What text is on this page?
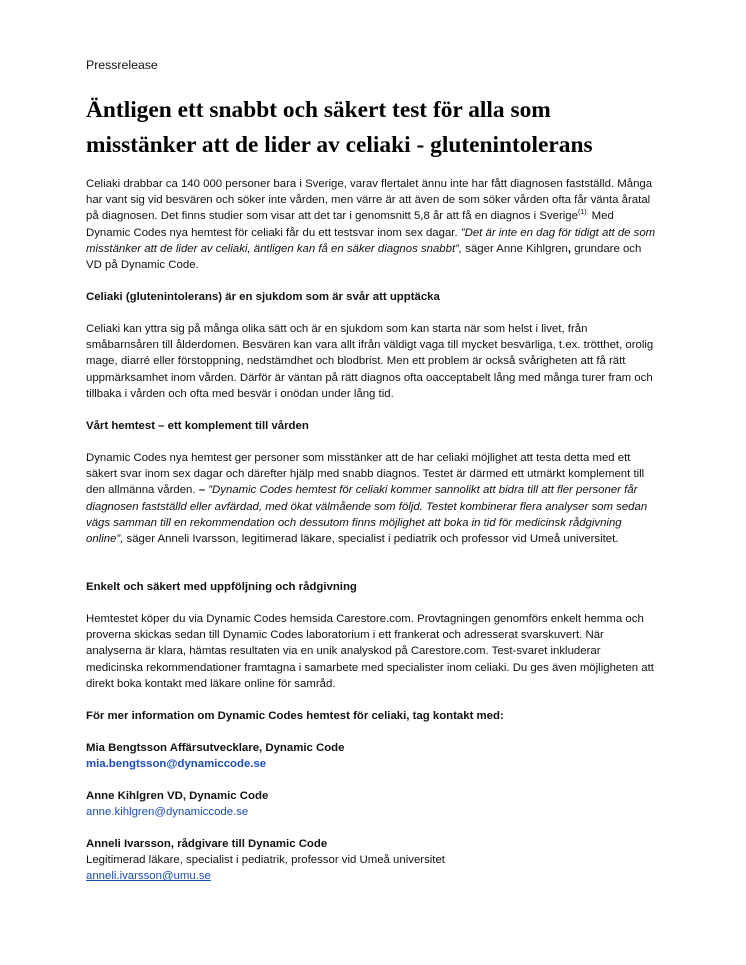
Pressrelease
Äntligen ett snabbt och säkert test för alla som misstänker att de lider av celiaki - glutenintolerans

Celiaki drabbar ca 140 000 personer bara i Sverige, varav flertalet ännu inte har fått diagnosen fastställd. Många har vant sig vid besvären och söker inte vården, men värre är att även de som söker vården ofta får vänta åratal på diagnosen. Det finns studier som visar att det tar i genomsnitt 5,8 år att få en diagnos i Sverige$^{(1).}$ Med Dynamic Codes nya hemtest för celiaki får du ett testsvar inom sex dagar. ”Det är inte en dag för tidigt att de som misstänker att de lider av celiaki, äntligen kan få en säker diagnos snabbt”, säger Anne Kihlgren, grundare och VD på Dynamic Code.

Celiaki (glutenintolerans) är en sjukdom som är svår att upptäcka

Celiaki kan yttra sig på många olika sätt och är en sjukdom som kan starta när som helst i livet, från småbarnsåren till ålderdomen. Besvären kan vara allt ifrån väldigt vaga till mycket besvärliga, t.ex. trötthet, orolig mage, diarré eller förstoppning, nedstämdhet och blodbrist. Men ett problem är också svårigheten att få rätt uppmärksamhet inom vården. Därför är väntan på rätt diagnos ofta oacceptabelt lång med många turer fram och tillbaka i vården och ofta med besvär i onödan under lång tid.

Vårt hemtest – ett komplement till vården

Dynamic Codes nya hemtest ger personer som misstänker att de har celiaki möjlighet att testa detta med ett säkert svar inom sex dagar och därefter hjälp med snabb diagnos. Testet är därmed ett utmärkt komplement till den allmänna vården. – ”Dynamic Codes hemtest för celiaki kommer sannolikt att bidra till att fler personer får diagnosen fastställd eller avfärdad, med ökat välmående som följd. Testet kombinerar flera analyser som sedan vägs samman till en rekommendation och dessutom finns möjlighet att boka in tid för medicinsk rådgivning online”, säger Anneli Ivarsson, legitimerad läkare, specialist i pediatrik och professor vid Umeå universitet.

Enkelt och säkert med uppföljning och rådgivning

Hemtestet köper du via Dynamic Codes hemsida Carestore.com. Provtagningen genomförs enkelt hemma och proverna skickas sedan till Dynamic Codes laboratorium i ett frankerat och adresserat svarskuvert. När analyserna är klara, hämtas resultaten via en unik analyskod på Carestore.com. Test-svaret inkluderar medicinska rekommendationer framtagna i samarbete med specialister inom celiaki. Du ges även möjligheten att direkt boka kontakt med läkare online för samråd.

För mer information om Dynamic Codes hemtest för celiaki, tag kontakt med:
Mia Bengtsson Affärsutvecklare, Dynamic Code
mia.bengtsson@dynamiccode.se
Anne Kihlgren VD, Dynamic Code
anne.kihlgren@dynamiccode.se
Anneli Ivarsson, rådgivare till Dynamic Code
Legitimerad läkare, specialist i pediatrik, professor vid Umeå universitet
anneli.ivarsson@umu.se
